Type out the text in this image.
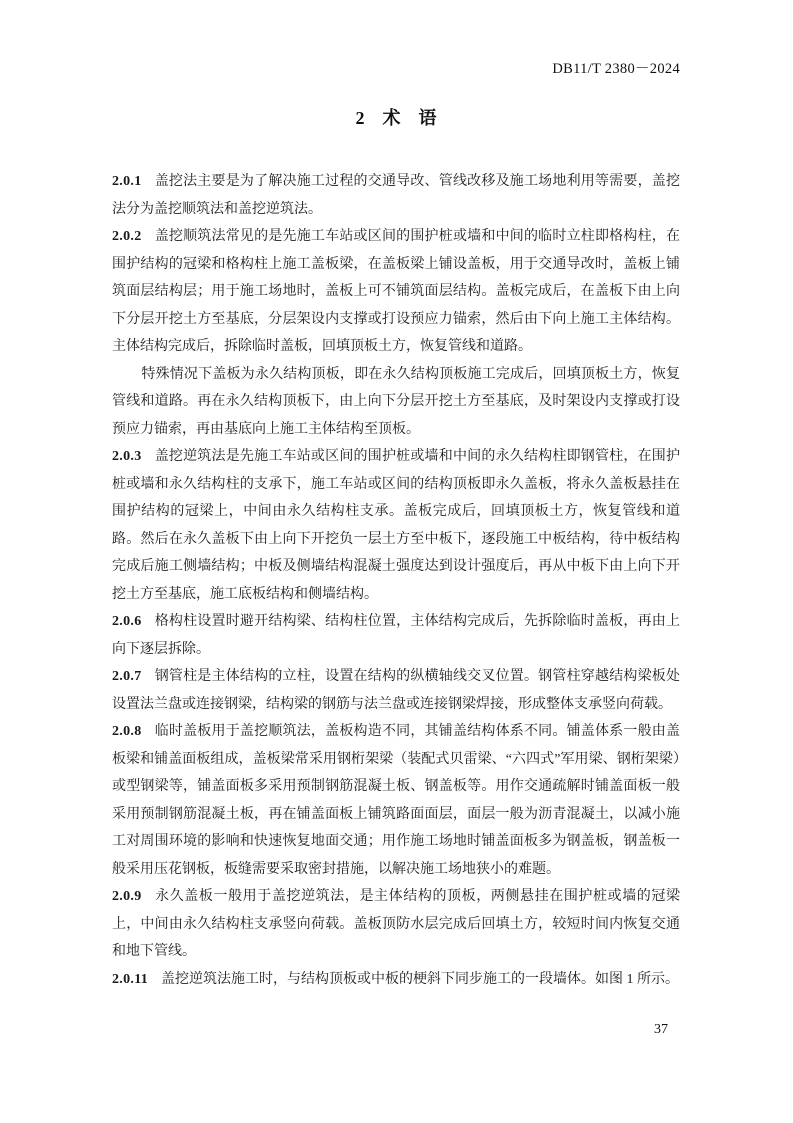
DB11/T 2380－2024
2　术　语

2.0.1 盖挖法主要是为了解决施工过程的交通导改、管线改移及施工场地利用等需要，盖挖法分为盖挖顺筑法和盖挖逆筑法。

2.0.2 盖挖顺筑法常见的是先施工车站或区间的围护桩或墙和中间的临时立柱即格构柱，在围护结构的冠梁和格构柱上施工盖板梁，在盖板梁上铺设盖板，用于交通导改时，盖板上铺筑面层结构层；用于施工场地时，盖板上可不铺筑面层结构。盖板完成后，在盖板下由上向下分层开挖土方至基底，分层架设内支撑或打设预应力锚索，然后由下向上施工主体结构。主体结构完成后，拆除临时盖板，回填顶板土方，恢复管线和道路。

特殊情况下盖板为永久结构顶板，即在永久结构顶板施工完成后，回填顶板土方，恢复管线和道路。再在永久结构顶板下，由上向下分层开挖土方至基底，及时架设内支撑或打设预应力锚索，再由基底向上施工主体结构至顶板。

2.0.3 盖挖逆筑法是先施工车站或区间的围护桩或墙和中间的永久结构柱即钢管柱，在围护桩或墙和永久结构柱的支承下，施工车站或区间的结构顶板即永久盖板，将永久盖板悬挂在围护结构的冠梁上，中间由永久结构柱支承。盖板完成后，回填顶板土方，恢复管线和道路。然后在永久盖板下由上向下开挖负一层土方至中板下，逐段施工中板结构，待中板结构完成后施工侧墙结构；中板及侧墙结构混凝土强度达到设计强度后，再从中板下由上向下开挖土方至基底，施工底板结构和侧墙结构。

2.0.6 格构柱设置时避开结构梁、结构柱位置，主体结构完成后，先拆除临时盖板，再由上向下逐层拆除。

2.0.7 钢管柱是主体结构的立柱，设置在结构的纵横轴线交叉位置。钢管柱穿越结构梁板处设置法兰盘或连接钢梁，结构梁的钢筋与法兰盘或连接钢梁焊接，形成整体支承竖向荷载。

2.0.8 临时盖板用于盖挖顺筑法，盖板构造不同，其铺盖结构体系不同。铺盖体系一般由盖板梁和铺盖面板组成，盖板梁常采用钢桁架梁（装配式贝雷梁、“六四式”军用梁、钢桁架梁）或型钢梁等，铺盖面板多采用预制钢筋混凝土板、钢盖板等。用作交通疏解时铺盖面板一般采用预制钢筋混凝土板，再在铺盖面板上铺筑路面面层，面层一般为沥青混凝土，以减小施工对周围环境的影响和快速恢复地面交通；用作施工场地时铺盖面板多为钢盖板，钢盖板一般采用压花钢板，板缝需要采取密封措施，以解决施工场地狭小的难题。

2.0.9 永久盖板一般用于盖挖逆筑法，是主体结构的顶板，两侧悬挂在围护桩或墙的冠梁上，中间由永久结构柱支承竖向荷载。盖板顶防水层完成后回填土方，较短时间内恢复交通和地下管线。

2.0.11 盖挖逆筑法施工时，与结构顶板或中板的梗斜下同步施工的一段墙体。如图 1 所示。

37
